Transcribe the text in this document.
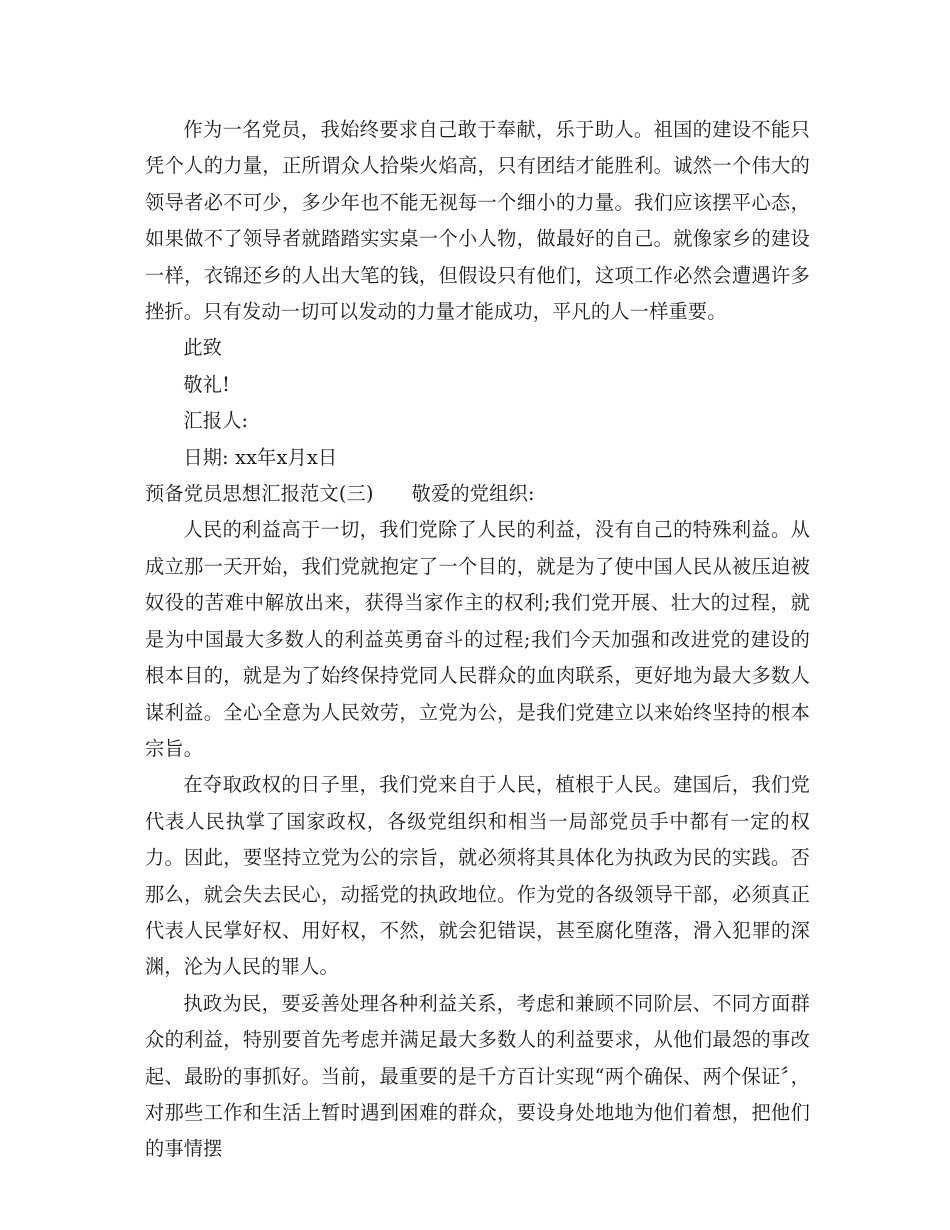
作为一名党员，我始终要求自己敢于奉献，乐于助人。祖国的建设不能只凭个人的力量，正所谓众人拾柴火焰高，只有团结才能胜利。诚然一个伟大的领导者必不可少，多少年也不能无视每一个细小的力量。我们应该摆平心态，如果做不了领导者就踏踏实实桌一个小人物，做最好的自己。就像家乡的建设一样，衣锦还乡的人出大笔的钱，但假设只有他们，这项工作必然会遭遇许多挫折。只有发动一切可以发动的力量才能成功，平凡的人一样重要。

此致

敬礼!

汇报人:

日期: xx年x月x日

预备党员思想汇报范文(三) 敬爱的党组织:

人民的利益高于一切，我们党除了人民的利益，没有自己的特殊利益。从成立那一天开始，我们党就抱定了一个目的，就是为了使中国人民从被压迫被奴役的苦难中解放出来，获得当家作主的权利;我们党开展、壮大的过程，就是为中国最大多数人的利益英勇奋斗的过程;我们今天加强和改进党的建设的根本目的，就是为了始终保持党同人民群众的血肉联系，更好地为最大多数人谋利益。全心全意为人民效劳，立党为公，是我们党建立以来始终坚持的根本宗旨。

在夺取政权的日子里，我们党来自于人民，植根于人民。建国后，我们党代表人民执掌了国家政权，各级党组织和相当一局部党员手中都有一定的权力。因此，要坚持立党为公的宗旨，就必须将其具体化为执政为民的实践。否那么，就会失去民心，动摇党的执政地位。作为党的各级领导干部，必须真正代表人民掌好权、用好权，不然，就会犯错误，甚至腐化堕落，滑入犯罪的深渊，沦为人民的罪人。

执政为民，要妥善处理各种利益关系，考虑和兼顾不同阶层、不同方面群众的利益，特别要首先考虑并满足最大多数人的利益要求，从他们最怨的事改起、最盼的事抓好。当前，最重要的是千方百计实现“两个确保、两个保证〞，对那些工作和生活上暂时遇到困难的群众，要设身处地地为他们着想，把他们的事情摆
